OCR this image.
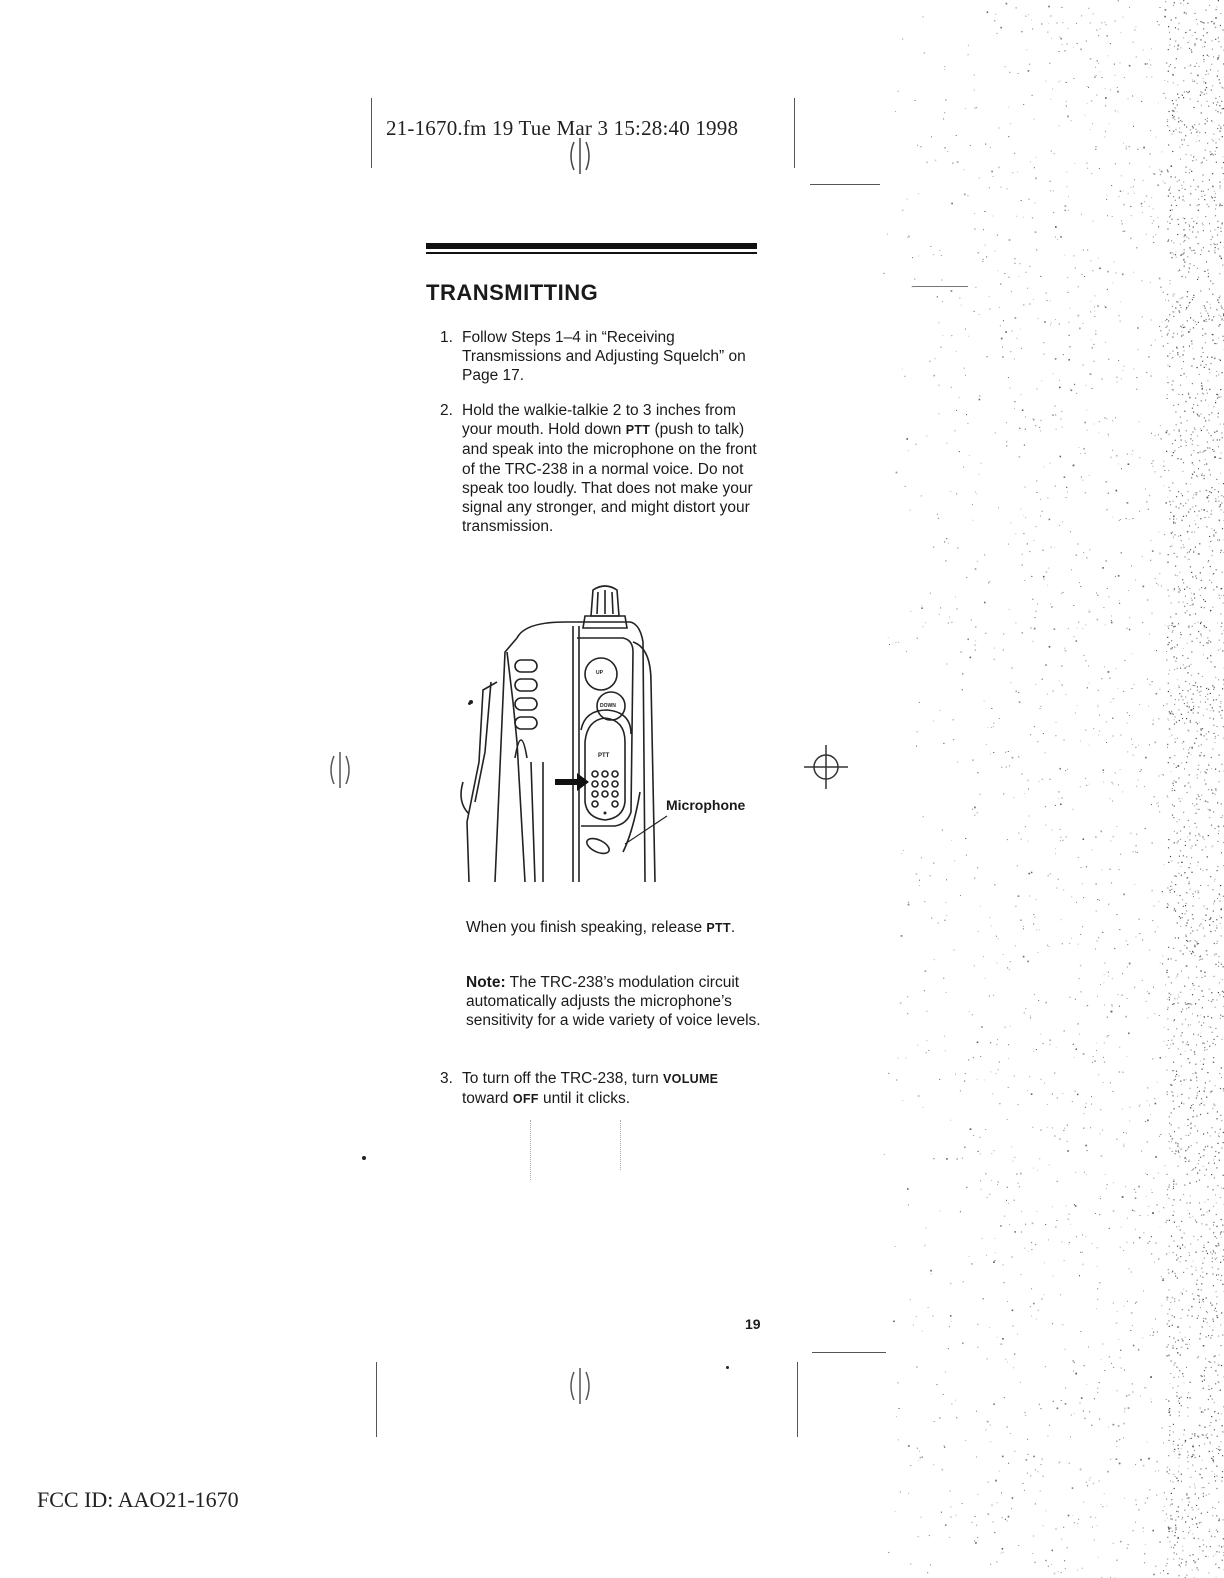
21-1670.fm 19 Tue Mar 3 15:28:40 1998
TRANSMITTING
1. Follow Steps 1–4 in “Receiving Transmissions and Adjusting Squelch” on Page 17.
2. Hold the walkie-talkie 2 to 3 inches from your mouth. Hold down PTT (push to talk) and speak into the microphone on the front of the TRC-238 in a normal voice. Do not speak too loudly. That does not make your signal any stronger, and might distort your transmission.
UP
DOWN
PTT
Microphone
When you finish speaking, release PTT.
Note: The TRC-238’s modulation circuit automatically adjusts the microphone’s sensitivity for a wide variety of voice levels.
3. To turn off the TRC-238, turn VOLUME toward OFF until it clicks.
19
FCC ID: AAO21-1670
